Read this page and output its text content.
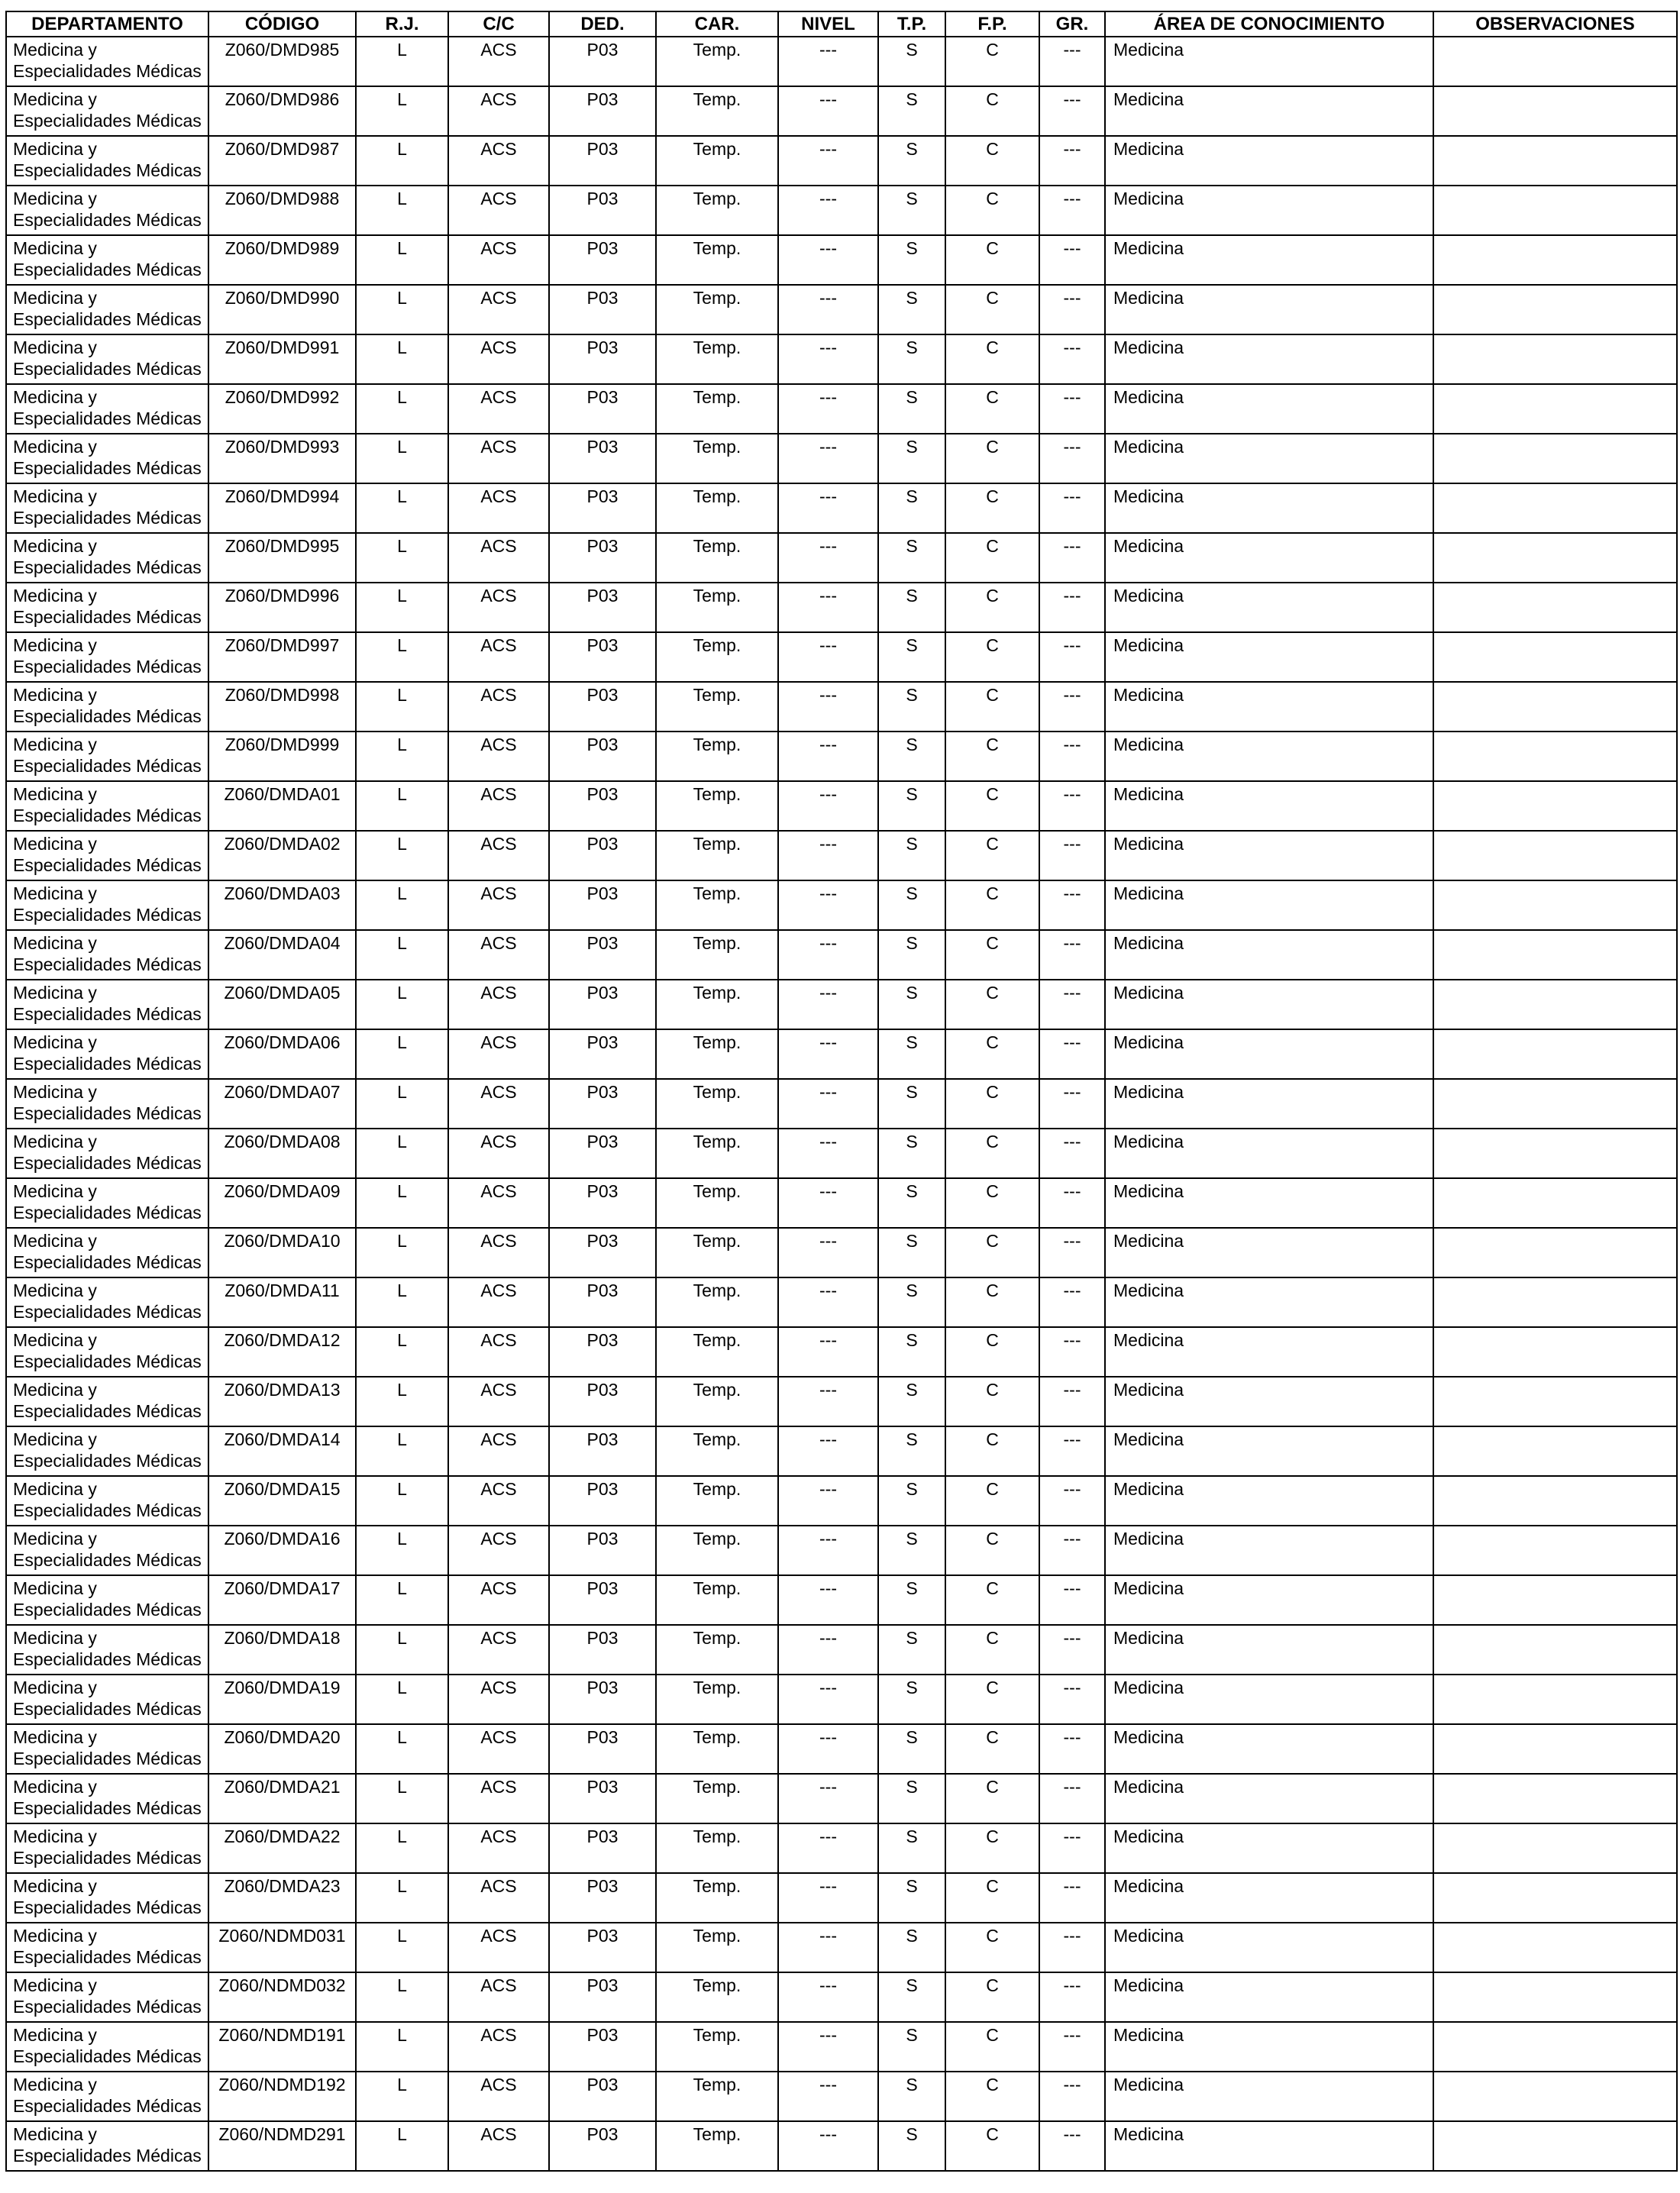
DEPARTAMENTO	CÓDIGO	R.J.	C/C	DED.	CAR.	NIVEL	T.P.	F.P.	GR.	ÁREA DE CONOCIMIENTO	OBSERVACIONES
Medicina y Especialidades Médicas	Z060/DMD985	L	ACS	P03	Temp.	---	S	C	---	Medicina	
Medicina y Especialidades Médicas	Z060/DMD986	L	ACS	P03	Temp.	---	S	C	---	Medicina	
Medicina y Especialidades Médicas	Z060/DMD987	L	ACS	P03	Temp.	---	S	C	---	Medicina	
Medicina y Especialidades Médicas	Z060/DMD988	L	ACS	P03	Temp.	---	S	C	---	Medicina	
Medicina y Especialidades Médicas	Z060/DMD989	L	ACS	P03	Temp.	---	S	C	---	Medicina	
Medicina y Especialidades Médicas	Z060/DMD990	L	ACS	P03	Temp.	---	S	C	---	Medicina	
Medicina y Especialidades Médicas	Z060/DMD991	L	ACS	P03	Temp.	---	S	C	---	Medicina	
Medicina y Especialidades Médicas	Z060/DMD992	L	ACS	P03	Temp.	---	S	C	---	Medicina	
Medicina y Especialidades Médicas	Z060/DMD993	L	ACS	P03	Temp.	---	S	C	---	Medicina	
Medicina y Especialidades Médicas	Z060/DMD994	L	ACS	P03	Temp.	---	S	C	---	Medicina	
Medicina y Especialidades Médicas	Z060/DMD995	L	ACS	P03	Temp.	---	S	C	---	Medicina	
Medicina y Especialidades Médicas	Z060/DMD996	L	ACS	P03	Temp.	---	S	C	---	Medicina	
Medicina y Especialidades Médicas	Z060/DMD997	L	ACS	P03	Temp.	---	S	C	---	Medicina	
Medicina y Especialidades Médicas	Z060/DMD998	L	ACS	P03	Temp.	---	S	C	---	Medicina	
Medicina y Especialidades Médicas	Z060/DMD999	L	ACS	P03	Temp.	---	S	C	---	Medicina	
Medicina y Especialidades Médicas	Z060/DMDA01	L	ACS	P03	Temp.	---	S	C	---	Medicina	
Medicina y Especialidades Médicas	Z060/DMDA02	L	ACS	P03	Temp.	---	S	C	---	Medicina	
Medicina y Especialidades Médicas	Z060/DMDA03	L	ACS	P03	Temp.	---	S	C	---	Medicina	
Medicina y Especialidades Médicas	Z060/DMDA04	L	ACS	P03	Temp.	---	S	C	---	Medicina	
Medicina y Especialidades Médicas	Z060/DMDA05	L	ACS	P03	Temp.	---	S	C	---	Medicina	
Medicina y Especialidades Médicas	Z060/DMDA06	L	ACS	P03	Temp.	---	S	C	---	Medicina	
Medicina y Especialidades Médicas	Z060/DMDA07	L	ACS	P03	Temp.	---	S	C	---	Medicina	
Medicina y Especialidades Médicas	Z060/DMDA08	L	ACS	P03	Temp.	---	S	C	---	Medicina	
Medicina y Especialidades Médicas	Z060/DMDA09	L	ACS	P03	Temp.	---	S	C	---	Medicina	
Medicina y Especialidades Médicas	Z060/DMDA10	L	ACS	P03	Temp.	---	S	C	---	Medicina	
Medicina y Especialidades Médicas	Z060/DMDA11	L	ACS	P03	Temp.	---	S	C	---	Medicina	
Medicina y Especialidades Médicas	Z060/DMDA12	L	ACS	P03	Temp.	---	S	C	---	Medicina	
Medicina y Especialidades Médicas	Z060/DMDA13	L	ACS	P03	Temp.	---	S	C	---	Medicina	
Medicina y Especialidades Médicas	Z060/DMDA14	L	ACS	P03	Temp.	---	S	C	---	Medicina	
Medicina y Especialidades Médicas	Z060/DMDA15	L	ACS	P03	Temp.	---	S	C	---	Medicina	
Medicina y Especialidades Médicas	Z060/DMDA16	L	ACS	P03	Temp.	---	S	C	---	Medicina	
Medicina y Especialidades Médicas	Z060/DMDA17	L	ACS	P03	Temp.	---	S	C	---	Medicina	
Medicina y Especialidades Médicas	Z060/DMDA18	L	ACS	P03	Temp.	---	S	C	---	Medicina	
Medicina y Especialidades Médicas	Z060/DMDA19	L	ACS	P03	Temp.	---	S	C	---	Medicina	
Medicina y Especialidades Médicas	Z060/DMDA20	L	ACS	P03	Temp.	---	S	C	---	Medicina	
Medicina y Especialidades Médicas	Z060/DMDA21	L	ACS	P03	Temp.	---	S	C	---	Medicina	
Medicina y Especialidades Médicas	Z060/DMDA22	L	ACS	P03	Temp.	---	S	C	---	Medicina	
Medicina y Especialidades Médicas	Z060/DMDA23	L	ACS	P03	Temp.	---	S	C	---	Medicina	
Medicina y Especialidades Médicas	Z060/NDMD031	L	ACS	P03	Temp.	---	S	C	---	Medicina	
Medicina y Especialidades Médicas	Z060/NDMD032	L	ACS	P03	Temp.	---	S	C	---	Medicina	
Medicina y Especialidades Médicas	Z060/NDMD191	L	ACS	P03	Temp.	---	S	C	---	Medicina	
Medicina y Especialidades Médicas	Z060/NDMD192	L	ACS	P03	Temp.	---	S	C	---	Medicina	
Medicina y Especialidades Médicas	Z060/NDMD291	L	ACS	P03	Temp.	---	S	C	---	Medicina	
